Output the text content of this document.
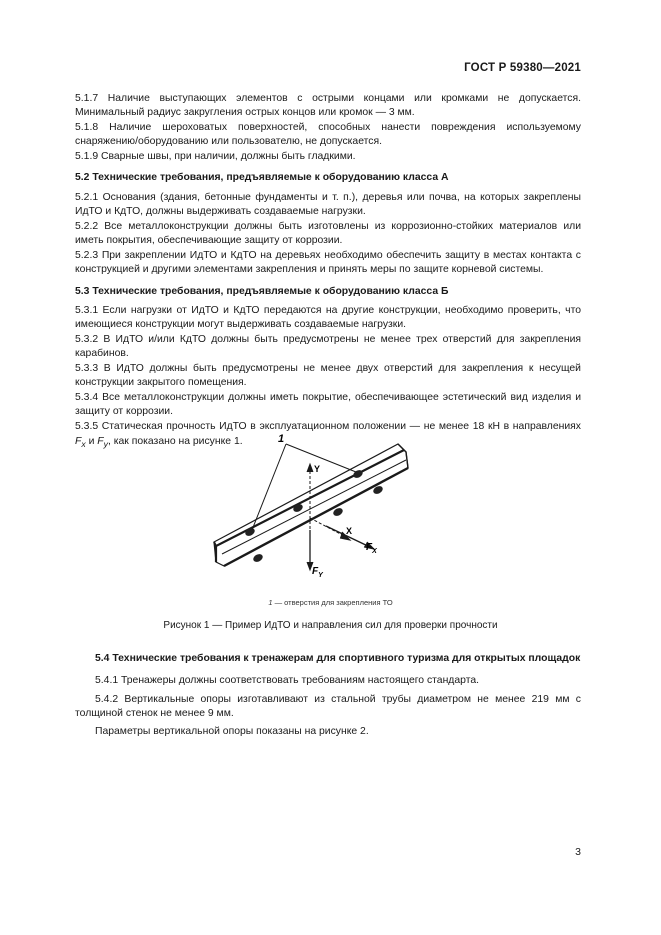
ГОСТ Р 59380—2021

5.1.7 Наличие выступающих элементов с острыми концами или кромками не допускается. Минимальный радиус закругления острых концов или кромок — 3 мм.

5.1.8 Наличие шероховатых поверхностей, способных нанести повреждения используемому снаряжению/оборудованию или пользователю, не допускается.

5.1.9 Сварные швы, при наличии, должны быть гладкими.

5.2 Технические требования, предъявляемые к оборудованию класса А

5.2.1 Основания (здания, бетонные фундаменты и т. п.), деревья или почва, на которых закреплены ИдТО и КдТО, должны выдерживать создаваемые нагрузки.

5.2.2 Все металлоконструкции должны быть изготовлены из коррозионно-стойких материалов или иметь покрытия, обеспечивающие защиту от коррозии.

5.2.3 При закреплении ИдТО и КдТО на деревьях необходимо обеспечить защиту в местах контакта с конструкцией и другими элементами закрепления и принять меры по защите корневой системы.

5.3 Технические требования, предъявляемые к оборудованию класса Б

5.3.1 Если нагрузки от ИдТО и КдТО передаются на другие конструкции, необходимо проверить, что имеющиеся конструкции могут выдерживать создаваемые нагрузки.

5.3.2 В ИдТО и/или КдТО должны быть предусмотрены не менее трех отверстий для закрепления карабинов.

5.3.3 В ИдТО должны быть предусмотрены не менее двух отверстий для закрепления к несущей конструкции закрытого помещения.

5.3.4 Все металлоконструкции должны иметь покрытие, обеспечивающее эстетический вид изделия и защиту от коррозии.

5.3.5 Статическая прочность ИдТО в эксплуатационном положении — не менее 18 кН в направлениях $F_x$ и $F_y$, как показано на рисунке 1.	1
Y
X
$F_X$
$F_Y$
1 — отверстия для закрепления ТО
Рисунок 1 — Пример ИдТО и направления сил для проверки прочности

5.4 Технические требования к тренажерам для спортивного туризма для открытых площадок

5.4.1 Тренажеры должны соответствовать требованиям настоящего стандарта.

5.4.2 Вертикальные опоры изготавливают из стальной трубы диаметром не менее 219 мм с толщиной стенок не менее 9 мм.

Параметры вертикальной опоры показаны на рисунке 2.

3
